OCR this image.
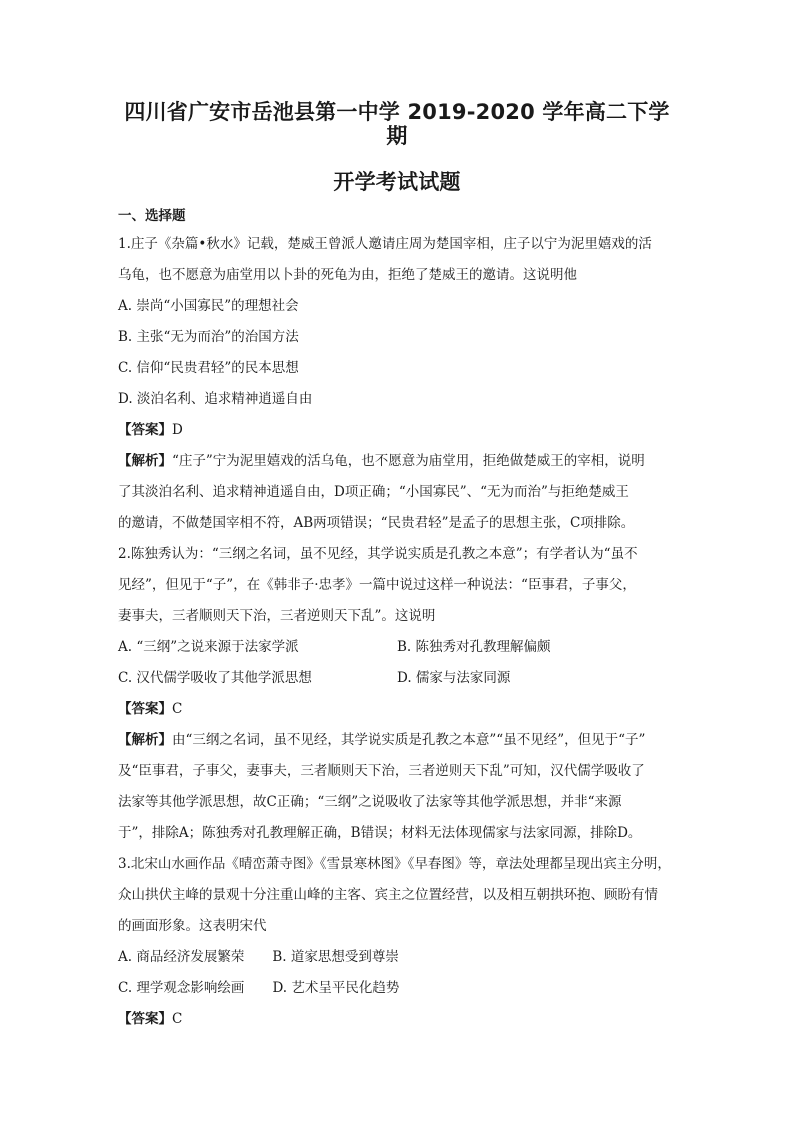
四川省广安市岳池县第一中学 2019-2020 学年高二下学期

开学考试试题

一、选择题

1.庄子《杂篇•秋水》记载，楚威王曾派人邀请庄周为楚国宰相，庄子以宁为泥里嬉戏的活

乌龟，也不愿意为庙堂用以卜卦的死龟为由，拒绝了楚威王的邀请。这说明他

A. 崇尚“小国寡民”的理想社会

B. 主张“无为而治”的治国方法

C. 信仰“民贵君轻”的民本思想

D. 淡泊名利、追求精神逍遥自由

【答案】D

【解析】“庄子”宁为泥里嬉戏的活乌龟，也不愿意为庙堂用，拒绝做楚威王的宰相，说明

了其淡泊名利、追求精神逍遥自由，D项正确；“小国寡民”、“无为而治”与拒绝楚威王

的邀请，不做楚国宰相不符，AB两项错误；“民贵君轻”是孟子的思想主张，C项排除。

2.陈独秀认为：“三纲之名词，虽不见经，其学说实质是孔教之本意”；有学者认为“虽不

见经”，但见于“子”，在《韩非子·忠孝》一篇中说过这样一种说法：“臣事君，子事父，

妻事夫，三者顺则天下治，三者逆则天下乱”。这说明

A. “三纲”之说来源于法家学派	B. 陈独秀对孔教理解偏颇
C. 汉代儒学吸收了其他学派思想	D. 儒家与法家同源

【答案】C

【解析】由“三纲之名词，虽不见经，其学说实质是孔教之本意”“虽不见经”，但见于“子”

及“臣事君，子事父，妻事夫，三者顺则天下治，三者逆则天下乱”可知，汉代儒学吸收了

法家等其他学派思想，故C正确；“三纲”之说吸收了法家等其他学派思想，并非“来源

于”，排除A；陈独秀对孔教理解正确，B错误；材料无法体现儒家与法家同源，排除D。

3.北宋山水画作品《晴峦萧寺图》《雪景寒林图》《早春图》等，章法处理都呈现出宾主分明，

众山拱伏主峰的景观十分注重山峰的主客、宾主之位置经营，以及相互朝拱环抱、顾盼有情

的画面形象。这表明宋代

A. 商品经济发展繁荣 B. 道家思想受到尊崇
C. 理学观念影响绘画 D. 艺术呈平民化趋势

【答案】C
